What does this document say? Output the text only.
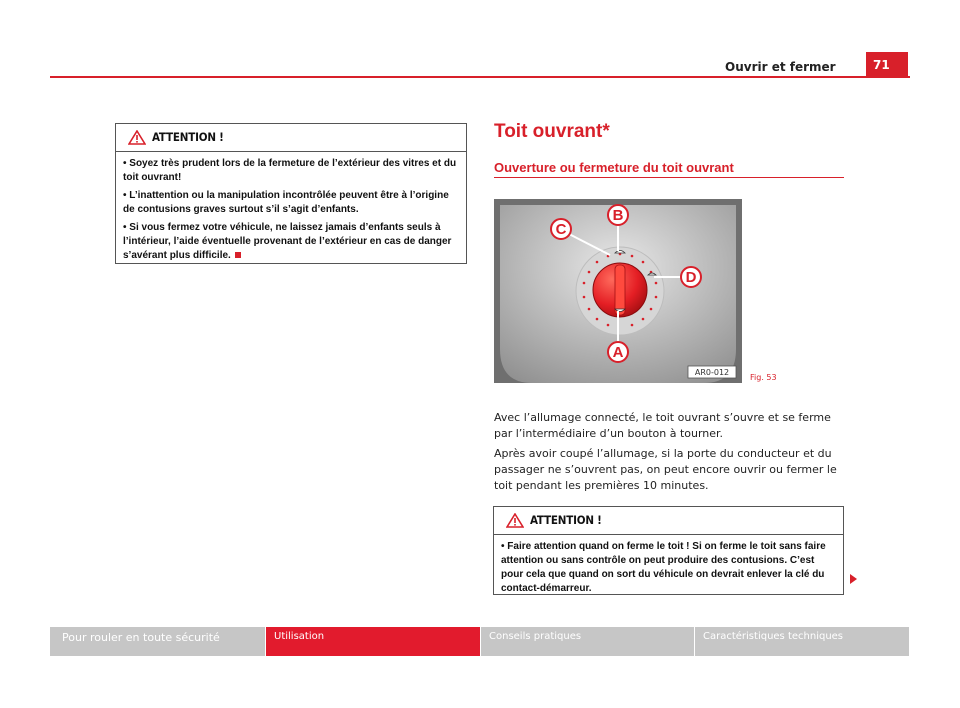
Ouvrir et fermer	71
ATTENTION !

• Soyez très prudent lors de la fermeture de l’extérieur des vitres et du toit ouvrant!

• L’inattention ou la manipulation incontrôlée peuvent être à l’origine de contusions graves surtout s’il s’agit d’enfants.

• Si vous fermez votre véhicule, ne laissez jamais d’enfants seuls à l’intérieur, l’aide éventuelle provenant de l’extérieur en cas de danger s’avérant plus difficile.

Toit ouvrant*
Ouverture ou fermeture du toit ouvrant
B
C
D
A
AR0-012
Fig. 53

Avec l’allumage connecté, le toit ouvrant s’ouvre et se ferme par l’intermédiaire d’un bouton à tourner.

Après avoir coupé l’allumage, si la porte du conducteur et du passager ne s’ouvrent pas, on peut encore ouvrir ou fermer le toit pendant les premières 10 minutes.

ATTENTION !

• Faire attention quand on ferme le toit ! Si on ferme le toit sans faire attention ou sans contrôle on peut produire des contusions. C’est pour cela que quand on sort du véhicule on devrait enlever la clé du contact-démarreur.

Pour rouler en toute sécurité	Utilisation	Conseils pratiques	Caractéristiques techniques
